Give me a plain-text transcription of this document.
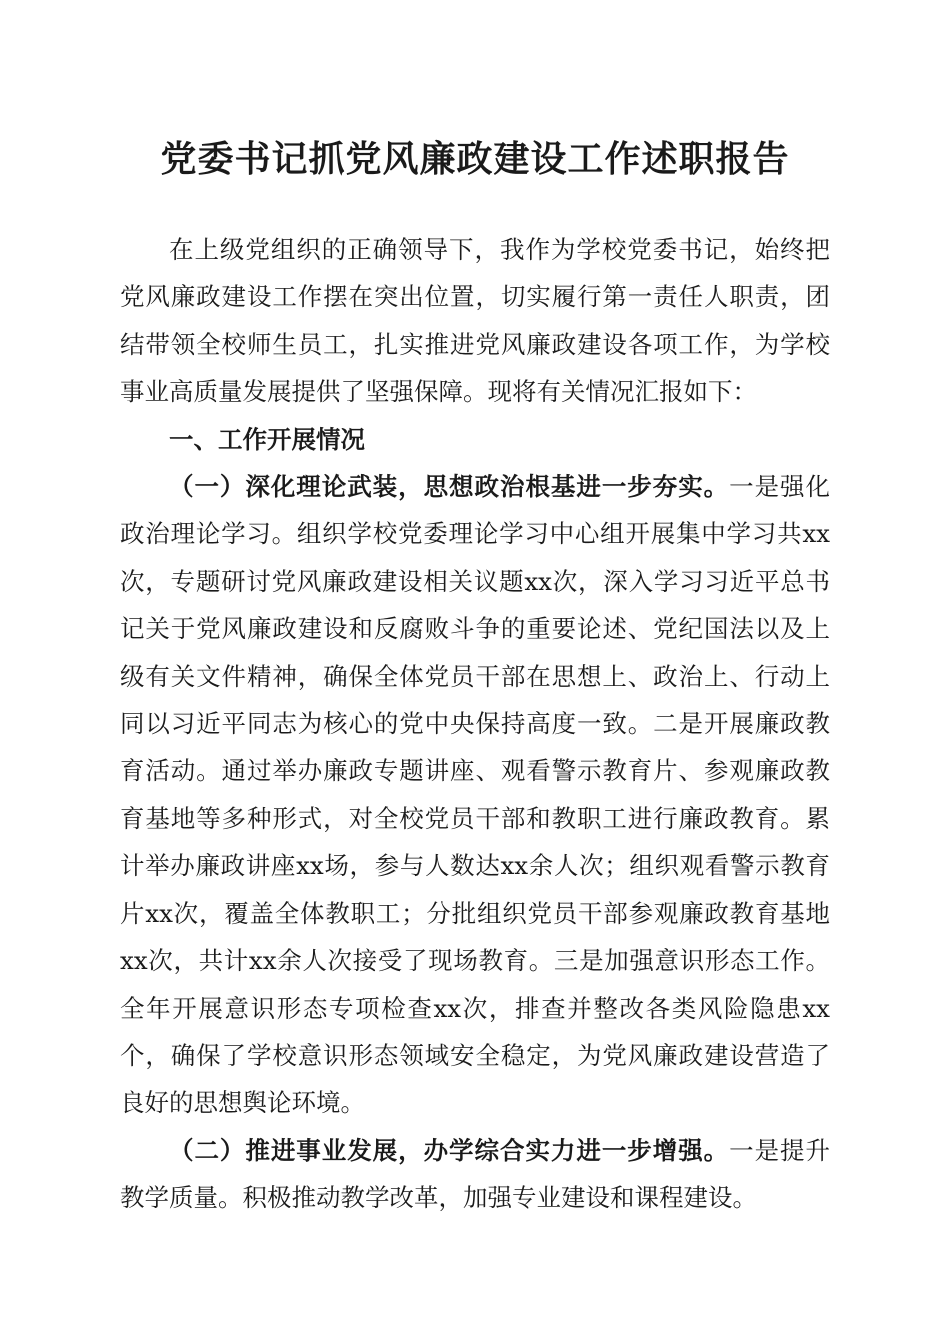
党委书记抓党风廉政建设工作述职报告

在上级党组织的正确领导下，我作为学校党委书记，始终把党风廉政建设工作摆在突出位置，切实履行第一责任人职责，团结带领全校师生员工，扎实推进党风廉政建设各项工作，为学校事业高质量发展提供了坚强保障。现将有关情况汇报如下：

一、工作开展情况

（一）深化理论武装，思想政治根基进一步夯实。一是强化政治理论学习。组织学校党委理论学习中心组开展集中学习共xx次，专题研讨党风廉政建设相关议题xx次，深入学习习近平总书记关于党风廉政建设和反腐败斗争的重要论述、党纪国法以及上级有关文件精神，确保全体党员干部在思想上、政治上、行动上同以习近平同志为核心的党中央保持高度一致。二是开展廉政教育活动。通过举办廉政专题讲座、观看警示教育片、参观廉政教育基地等多种形式，对全校党员干部和教职工进行廉政教育。累计举办廉政讲座xx场，参与人数达xx余人次；组织观看警示教育片xx次，覆盖全体教职工；分批组织党员干部参观廉政教育基地xx次，共计xx余人次接受了现场教育。三是加强意识形态工作。全年开展意识形态专项检查xx次，排查并整改各类风险隐患xx个，确保了学校意识形态领域安全稳定，为党风廉政建设营造了良好的思想舆论环境。

（二）推进事业发展，办学综合实力进一步增强。一是提升教学质量。积极推动教学改革，加强专业建设和课程建设。
